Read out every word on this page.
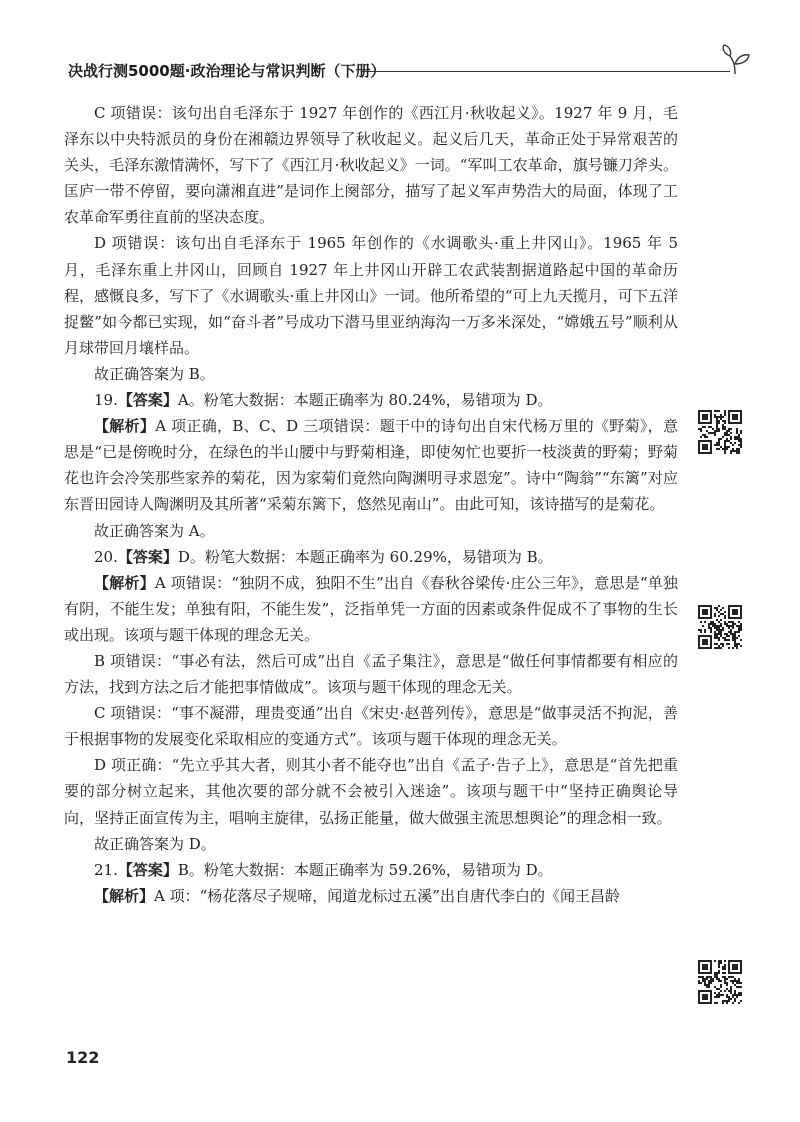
决战行测5000题·政治理论与常识判断（下册）

C 项错误：该句出自毛泽东于 1927 年创作的《西江月·秋收起义》。1927 年 9 月，毛泽东以中央特派员的身份在湘赣边界领导了秋收起义。起义后几天，革命正处于异常艰苦的关头，毛泽东激情满怀，写下了《西江月·秋收起义》一词。“军叫工农革命，旗号镰刀斧头。匡庐一带不停留，要向潇湘直进”是词作上阕部分，描写了起义军声势浩大的局面，体现了工农革命军勇往直前的坚决态度。

D 项错误：该句出自毛泽东于 1965 年创作的《水调歌头·重上井冈山》。1965 年 5 月，毛泽东重上井冈山，回顾自 1927 年上井冈山开辟工农武装割据道路起中国的革命历程，感慨良多，写下了《水调歌头·重上井冈山》一词。他所希望的“可上九天揽月，可下五洋捉鳖”如今都已实现，如“奋斗者”号成功下潜马里亚纳海沟一万多米深处，“嫦娥五号”顺利从月球带回月壤样品。

故正确答案为 B。

19.【答案】A。粉笔大数据：本题正确率为 80.24%，易错项为 D。

【解析】A 项正确，B、C、D 三项错误：题干中的诗句出自宋代杨万里的《野菊》，意思是“已是傍晚时分，在绿色的半山腰中与野菊相逢，即使匆忙也要折一枝淡黄的野菊；野菊花也许会冷笑那些家养的菊花，因为家菊们竟然向陶渊明寻求恩宠”。诗中“陶翁”“东篱”对应东晋田园诗人陶渊明及其所著“采菊东篱下，悠然见南山”。由此可知，该诗描写的是菊花。

故正确答案为 A。

20.【答案】D。粉笔大数据：本题正确率为 60.29%，易错项为 B。

【解析】A 项错误：“独阴不成，独阳不生”出自《春秋谷梁传·庄公三年》，意思是“单独有阴，不能生发；单独有阳，不能生发”，泛指单凭一方面的因素或条件促成不了事物的生长或出现。该项与题干体现的理念无关。

B 项错误：“事必有法，然后可成”出自《孟子集注》，意思是“做任何事情都要有相应的方法，找到方法之后才能把事情做成”。该项与题干体现的理念无关。

C 项错误：“事不凝滞，理贵变通”出自《宋史·赵普列传》，意思是“做事灵活不拘泥，善于根据事物的发展变化采取相应的变通方式”。该项与题干体现的理念无关。

D 项正确：“先立乎其大者，则其小者不能夺也”出自《孟子·告子上》，意思是“首先把重要的部分树立起来，其他次要的部分就不会被引入迷途”。该项与题干中“坚持正确舆论导向，坚持正面宣传为主，唱响主旋律，弘扬正能量，做大做强主流思想舆论”的理念相一致。

故正确答案为 D。

21.【答案】B。粉笔大数据：本题正确率为 59.26%，易错项为 D。

【解析】A 项：“杨花落尽子规啼，闻道龙标过五溪”出自唐代李白的《闻王昌龄

122
